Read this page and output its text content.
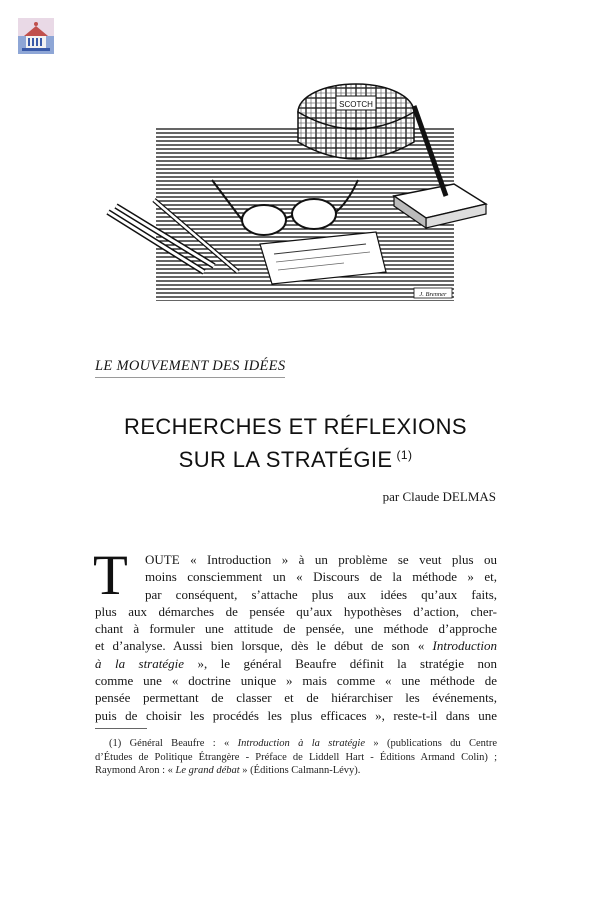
SCOTCH
J. Brenner
LE MOUVEMENT DES IDÉES
RECHERCHES ET RÉFLEXIONS
SUR LA STRATÉGIE $^{(1)}$

par Claude DELMAS

T	OUTE « Introduction » à un problème se veut plus ou
moins consciemment un « Discours de la méthode » et,
par conséquent, s’attache plus aux idées qu’aux faits,
plus aux démarches de pensée qu’aux hypothèses d’action, cher-
chant à formuler une attitude de pensée, une méthode d’approche
et d’analyse. Aussi bien lorsque, dès le début de son « Introduction
à la stratégie », le général Beaufre définit la stratégie non
comme une « doctrine unique » mais comme « une méthode de
pensée permettant de classer et de hiérarchiser les événements,
puis de choisir les procédés les plus efficaces », reste-t-il dans une
(1) Général Beaufre : « Introduction à la stratégie » (publications du Centre
d’Études de Politique Étrangère - Préface de Liddell Hart - Éditions Armand Colin) ;
Raymond Aron : « Le grand débat » (Éditions Calmann-Lévy).
